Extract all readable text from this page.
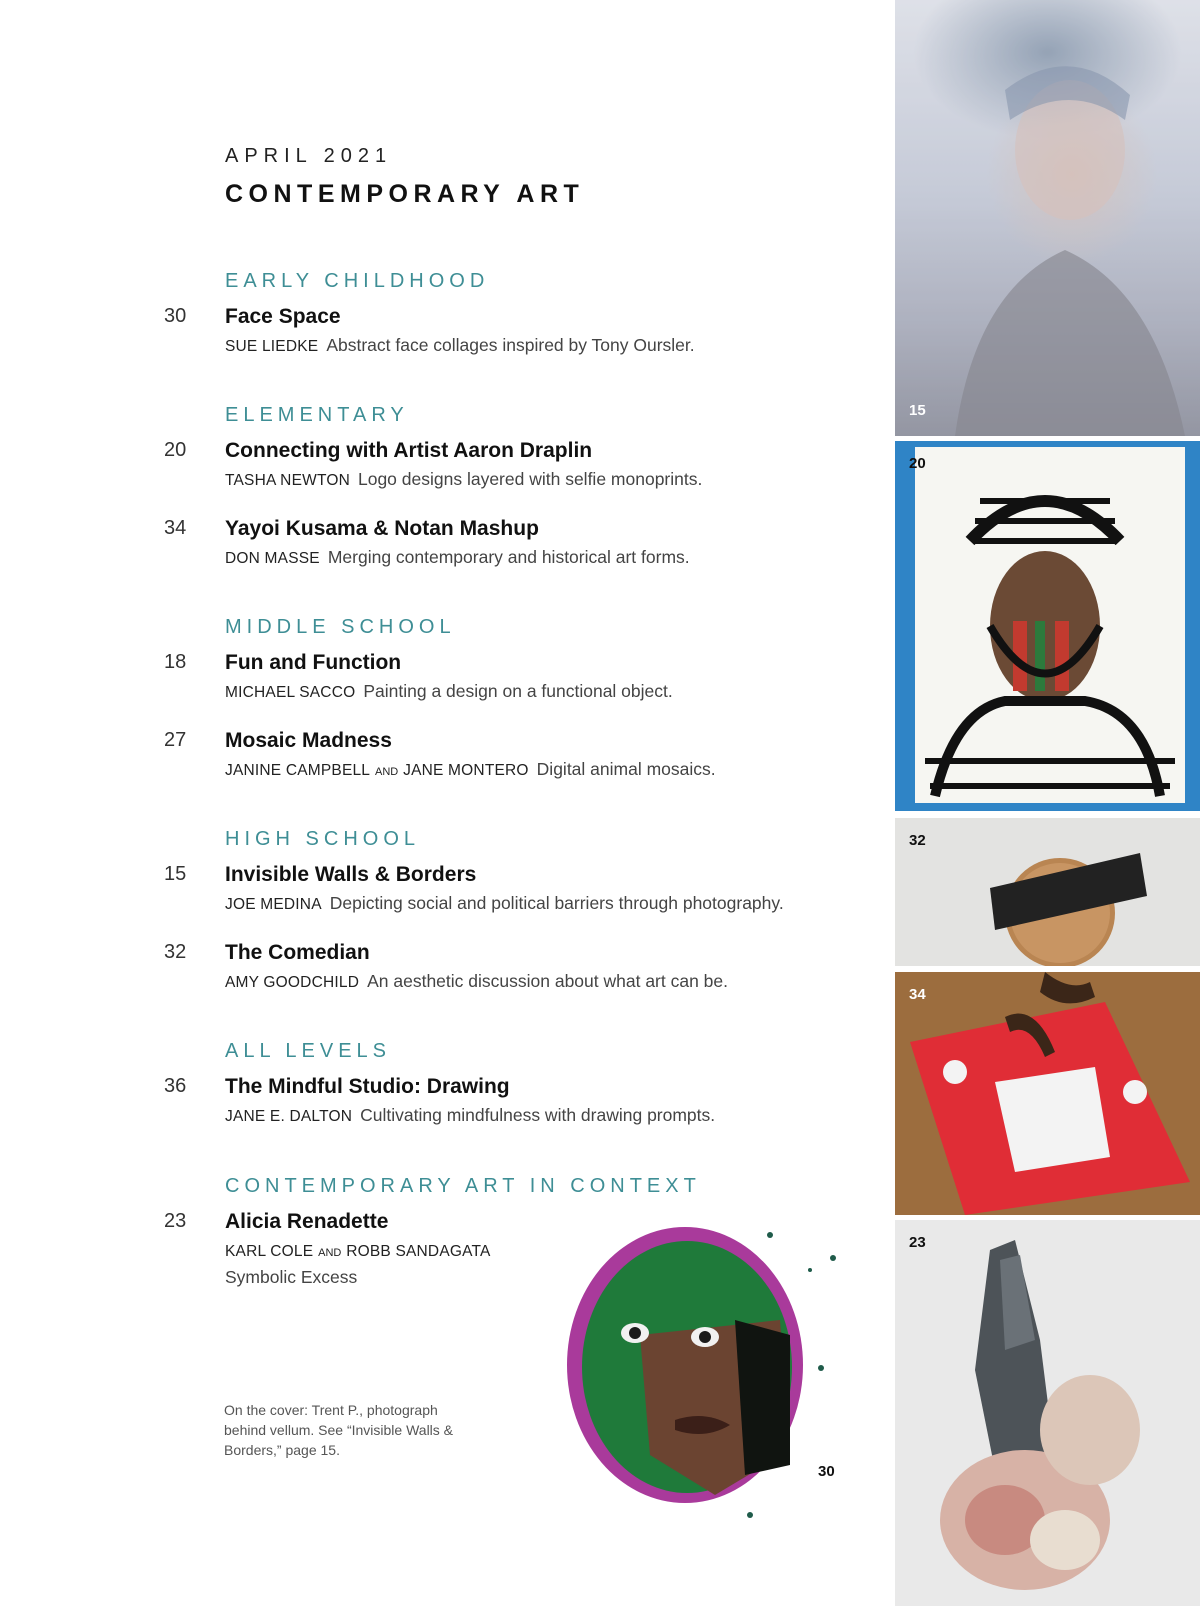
APRIL 2021
CONTEMPORARY ART
EARLY CHILDHOOD
30	Face Space
SUE LIEDKE Abstract face collages inspired by Tony Oursler.
ELEMENTARY
20	Connecting with Artist Aaron Draplin
TASHA NEWTON Logo designs layered with selfie monoprints.
34	Yayoi Kusama & Notan Mashup
DON MASSE Merging contemporary and historical art forms.
MIDDLE SCHOOL
18	Fun and Function
MICHAEL SACCO Painting a design on a functional object.
27	Mosaic Madness
JANINE CAMPBELL AND JANE MONTERO Digital animal mosaics.
HIGH SCHOOL
15	Invisible Walls & Borders
JOE MEDINA Depicting social and political barriers through photography.
32	The Comedian
AMY GOODCHILD An aesthetic discussion about what art can be.
ALL LEVELS
36	The Mindful Studio: Drawing
JANE E. DALTON Cultivating mindfulness with drawing prompts.
CONTEMPORARY ART IN CONTEXT
23	Alicia Renadette
KARL COLE AND ROBB SANDAGATA
Symbolic Excess
On the cover: Trent P., photograph behind vellum. See “Invisible Walls & Borders,” page 15.
15
20
32
34
23
30
